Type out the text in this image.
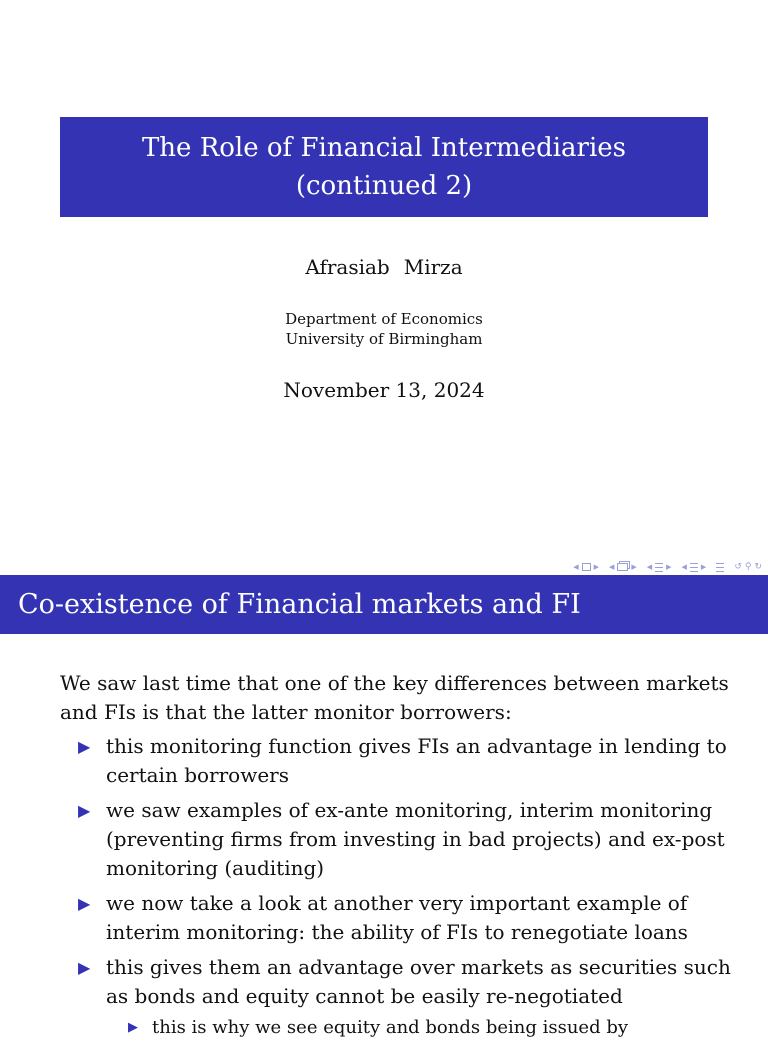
The Role of Financial Intermediaries
(continued 2)
Afrasiab Mirza
Department of Economics
University of Birmingham
November 13, 2024
◀ ▶ ◀ ▶ ◀ ▶ ◀ ▶	↺ ⚲ ↻
Co-existence of Financial markets and FI

We saw last time that one of the key differences between markets and FIs is that the latter monitor borrowers:

▶ this monitoring function gives FIs an advantage in lending to certain borrowers
▶ we saw examples of ex-ante monitoring, interim monitoring (preventing firms from investing in bad projects) and ex-post monitoring (auditing)
▶ we now take a look at another very important example of interim monitoring: the ability of FIs to renegotiate loans
▶ this gives them an advantage over markets as securities such as bonds and equity cannot be easily re-negotiated
▶ this is why we see equity and bonds being issued by
